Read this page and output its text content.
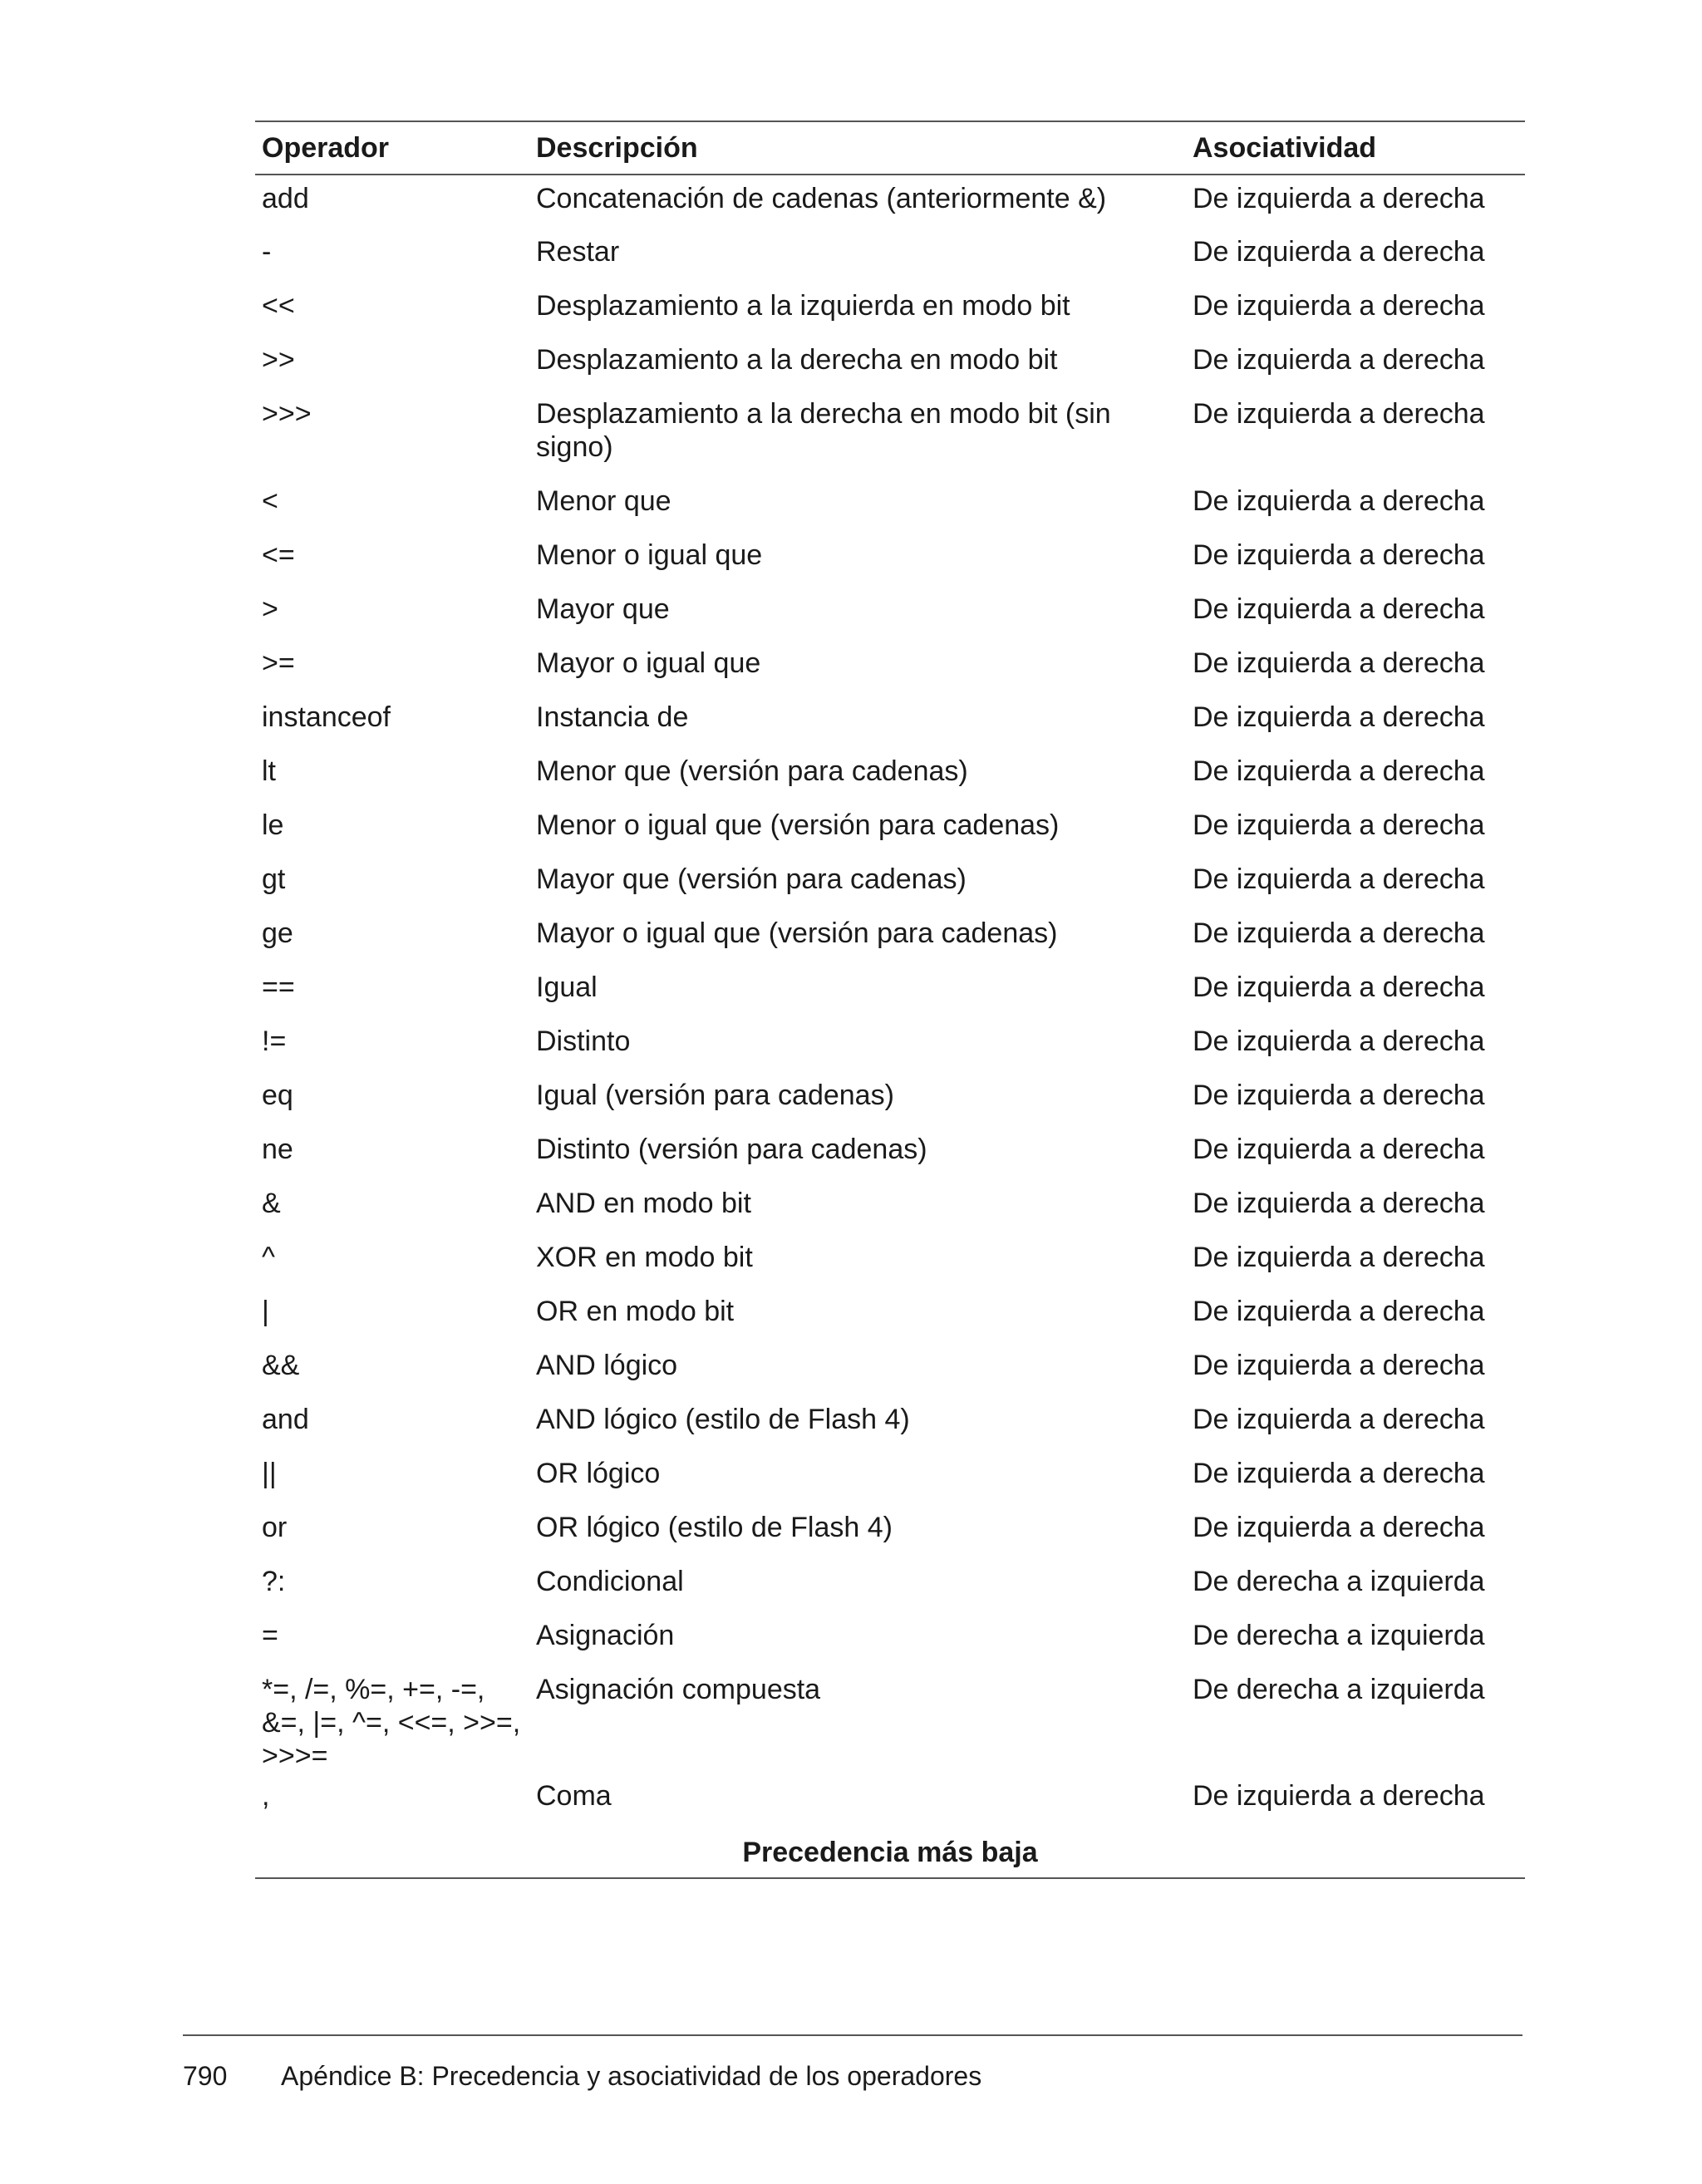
Operador	Descripción	Asociatividad
add	Concatenación de cadenas (anteriormente &)	De izquierda a derecha
-	Restar	De izquierda a derecha
<<	Desplazamiento a la izquierda en modo bit	De izquierda a derecha
>>	Desplazamiento a la derecha en modo bit	De izquierda a derecha
>>>	Desplazamiento a la derecha en modo bit (sin signo)	De izquierda a derecha
<	Menor que	De izquierda a derecha
<=	Menor o igual que	De izquierda a derecha
>	Mayor que	De izquierda a derecha
>=	Mayor o igual que	De izquierda a derecha
instanceof	Instancia de	De izquierda a derecha
lt	Menor que (versión para cadenas)	De izquierda a derecha
le	Menor o igual que (versión para cadenas)	De izquierda a derecha
gt	Mayor que (versión para cadenas)	De izquierda a derecha
ge	Mayor o igual que (versión para cadenas)	De izquierda a derecha
==	Igual	De izquierda a derecha
!=	Distinto	De izquierda a derecha
eq	Igual (versión para cadenas)	De izquierda a derecha
ne	Distinto (versión para cadenas)	De izquierda a derecha
&	AND en modo bit	De izquierda a derecha
^	XOR en modo bit	De izquierda a derecha
|	OR en modo bit	De izquierda a derecha
&&	AND lógico	De izquierda a derecha
and	AND lógico (estilo de Flash 4)	De izquierda a derecha
||	OR lógico	De izquierda a derecha
or	OR lógico (estilo de Flash 4)	De izquierda a derecha
?:	Condicional	De derecha a izquierda
=	Asignación	De derecha a izquierda
*=, /=, %=, +=, -=, &=, |=, ^=, <<=, >>=, >>>=	Asignación compuesta	De derecha a izquierda
,	Coma	De izquierda a derecha
Precedencia más baja		
790 Apéndice B: Precedencia y asociatividad de los operadores
